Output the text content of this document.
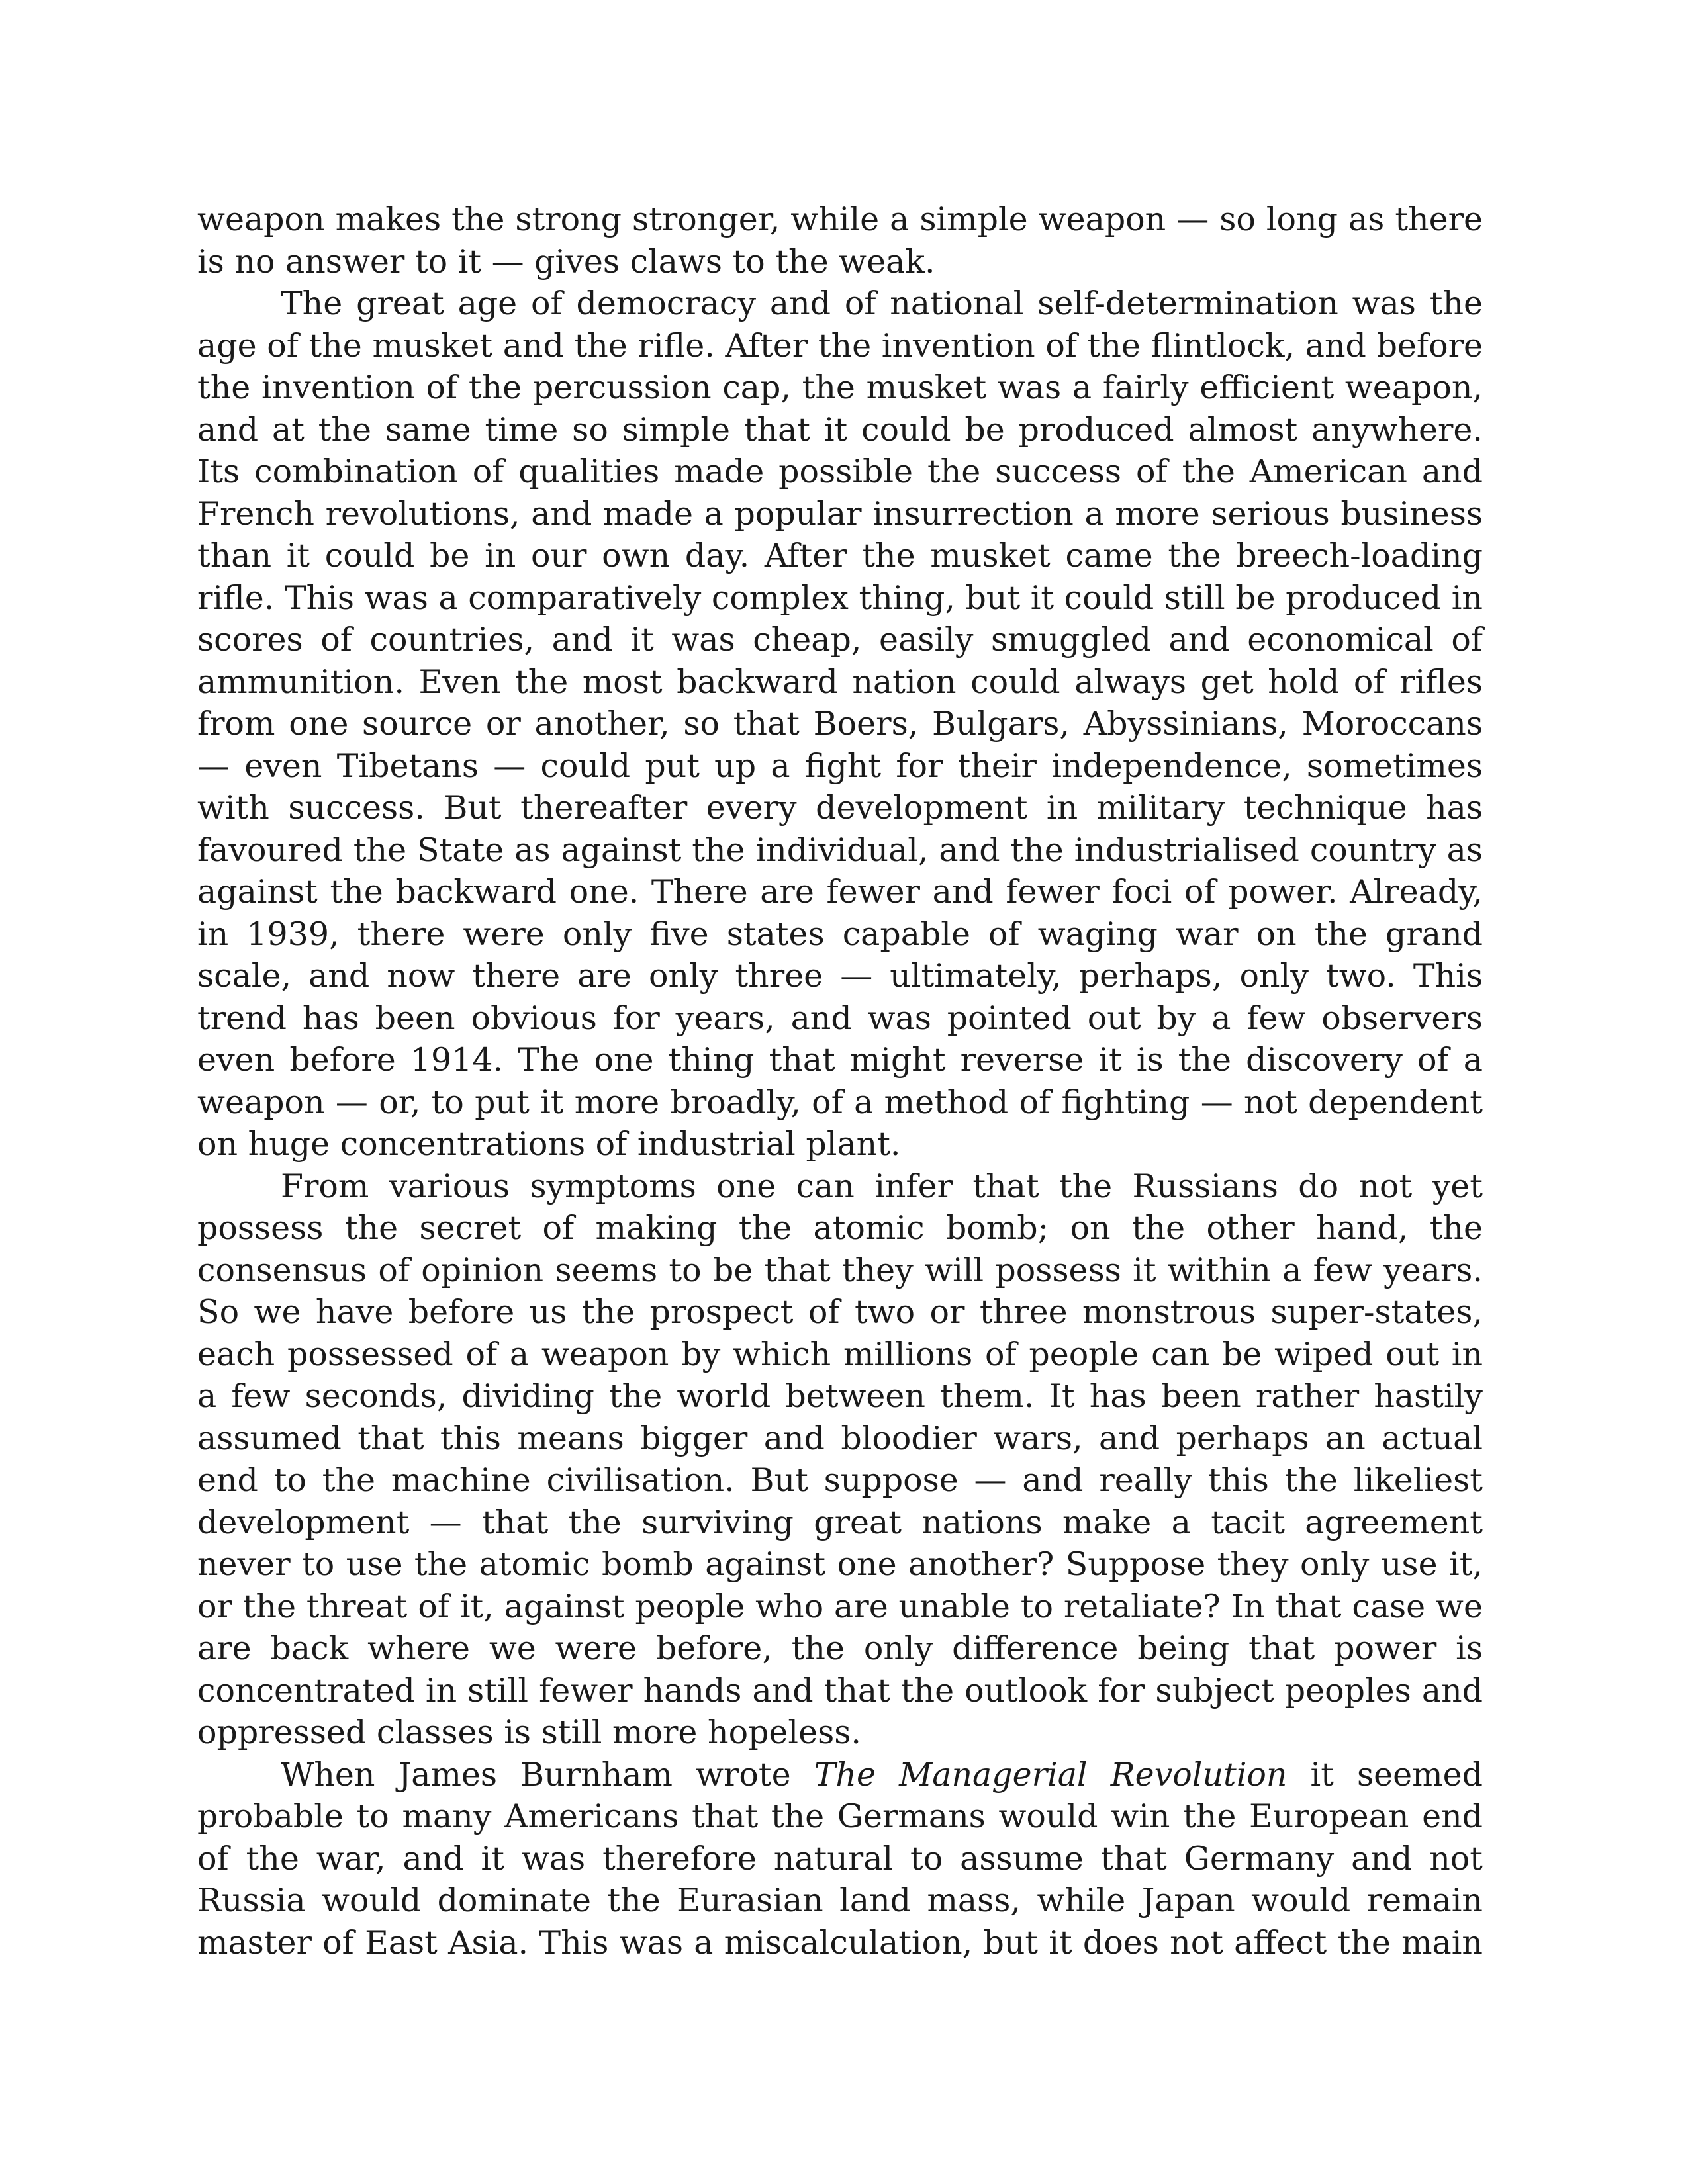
weapon makes the strong stronger, while a simple weapon — so long as there is no answer to it — gives claws to the weak.

The great age of democracy and of national self-determination was the age of the musket and the rifle. After the invention of the flintlock, and before the invention of the percussion cap, the musket was a fairly efficient weapon, and at the same time so simple that it could be produced almost anywhere. Its combination of qualities made possible the success of the American and French revolutions, and made a popular insurrection a more serious business than it could be in our own day. After the musket came the breech-loading rifle. This was a comparatively complex thing, but it could still be produced in scores of countries, and it was cheap, easily smuggled and economical of ammunition. Even the most backward nation could always get hold of rifles from one source or another, so that Boers, Bulgars, Abyssinians, Moroccans — even Tibetans — could put up a fight for their independence, sometimes with success. But thereafter every development in military technique has favoured the State as against the individual, and the industrialised country as against the backward one. There are fewer and fewer foci of power. Already, in 1939, there were only five states capable of waging war on the grand scale, and now there are only three — ultimately, perhaps, only two. This trend has been obvious for years, and was pointed out by a few observers even before 1914. The one thing that might reverse it is the discovery of a weapon — or, to put it more broadly, of a method of fighting — not dependent on huge concentrations of industrial plant.

From various symptoms one can infer that the Russians do not yet possess the secret of making the atomic bomb; on the other hand, the consensus of opinion seems to be that they will possess it within a few years. So we have before us the prospect of two or three monstrous super-states, each possessed of a weapon by which millions of people can be wiped out in a few seconds, dividing the world between them. It has been rather hastily assumed that this means bigger and bloodier wars, and perhaps an actual end to the machine civilisation. But suppose — and really this the likeliest development — that the surviving great nations make a tacit agreement never to use the atomic bomb against one another? Suppose they only use it, or the threat of it, against people who are unable to retaliate? In that case we are back where we were before, the only difference being that power is concentrated in still fewer hands and that the outlook for subject peoples and oppressed classes is still more hopeless.

When James Burnham wrote The Managerial Revolution it seemed probable to many Americans that the Germans would win the European end of the war, and it was therefore natural to assume that Germany and not Russia would dominate the Eurasian land mass, while Japan would remain master of East Asia. This was a miscalculation, but it does not affect the main
